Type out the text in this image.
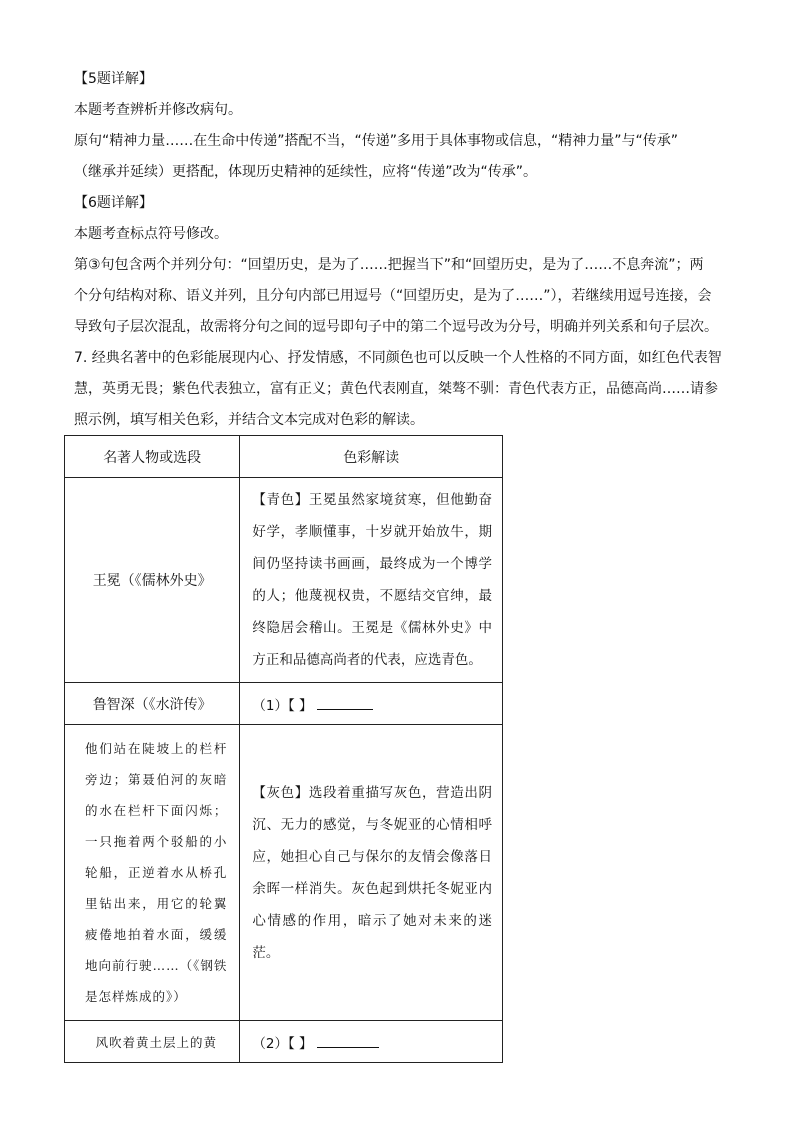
【5题详解】

本题考查辨析并修改病句。

原句“精神力量……在生命中传递”搭配不当，“传递”多用于具体事物或信息，“精神力量”与“传承”

（继承并延续）更搭配，体现历史精神的延续性，应将“传递”改为“传承”。

【6题详解】

本题考查标点符号修改。

第③句包含两个并列分句：“回望历史，是为了……把握当下”和“回望历史，是为了……不息奔流”；两

个分句结构对称、语义并列，且分句内部已用逗号（“回望历史，是为了……”），若继续用逗号连接，会

导致句子层次混乱，故需将分句之间的逗号即句子中的第二个逗号改为分号，明确并列关系和句子层次。

7. 经典名著中的色彩能展现内心、抒发情感，不同颜色也可以反映一个人性格的不同方面，如红色代表智

慧，英勇无畏；紫色代表独立，富有正义；黄色代表刚直，桀骜不驯：青色代表方正，品德高尚……请参

照示例，填写相关色彩，并结合文本完成对色彩的解读。

名著人物或选段	色彩解读
王冕（《儒林外史》	【青色】王冕虽然家境贫寒，但他勤奋好学，孝顺懂事，十岁就开始放牛，期间仍坚持读书画画，最终成为一个博学的人；他蔑视权贵，不愿结交官绅，最终隐居会稽山。王冕是《儒林外史》中方正和品德高尚者的代表，应选青色。
鲁智深（《水浒传》	（1）【 】
他们站在陡坡上的栏杆旁边；第聂伯河的灰暗的水在栏杆下面闪烁；一只拖着两个驳船的小轮船，正逆着水从桥孔里钻出来，用它的轮翼疲倦地拍着水面，缓缓地向前行驶……（《钢铁是怎样炼成的》）	【灰色】选段着重描写灰色，营造出阴沉、无力的感觉，与冬妮亚的心情相呼应，她担心自己与保尔的友情会像落日余晖一样消失。灰色起到烘托冬妮亚内心情感的作用，暗示了她对未来的迷茫。
风吹着黄土层上的黄	（2）【 】
